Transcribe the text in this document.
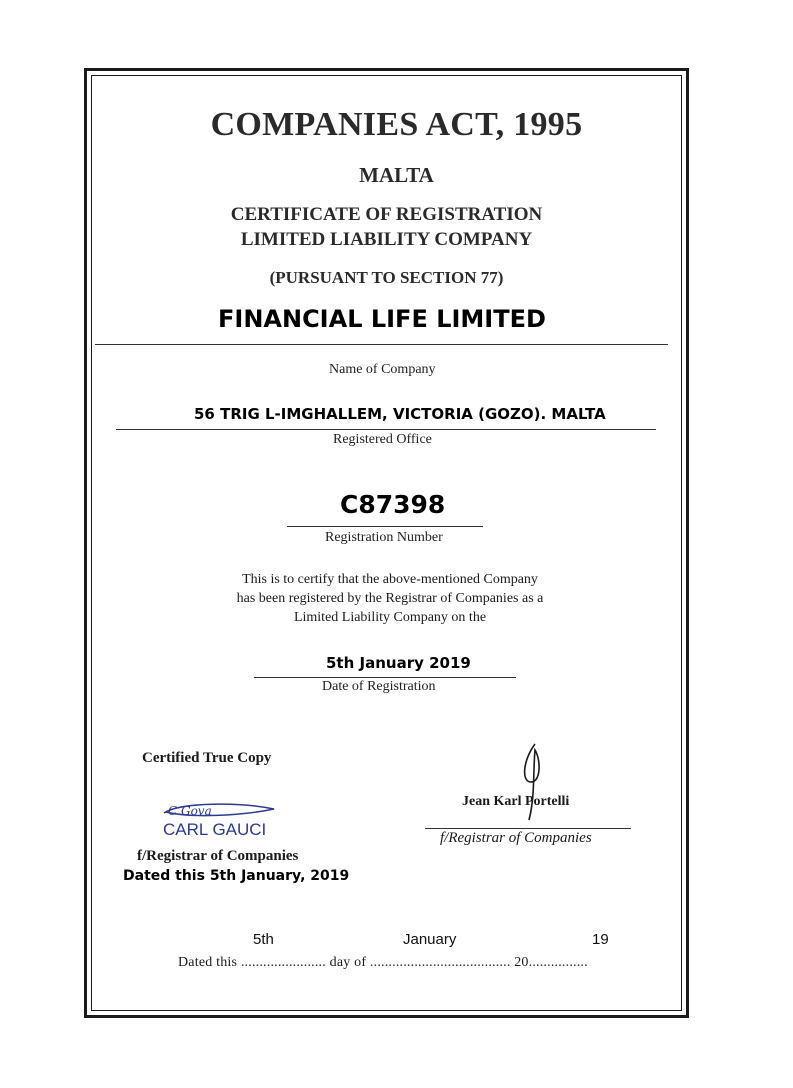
COMPANIES ACT, 1995
MALTA
CERTIFICATE OF REGISTRATION
LIMITED LIABILITY COMPANY
(PURSUANT TO SECTION 77)
FINANCIAL LIFE LIMITED
Name of Company
56 TRIG L-IMGHALLEM, VICTORIA (GOZO). MALTA
Registered Office
C87398
Registration Number
This is to certify that the above-mentioned Company
has been registered by the Registrar of Companies as a
Limited Liability Company on the
5th January 2019
Date of Registration
Certified True Copy
C Gova
CARL GAUCI
f/Registrar of Companies
Dated this 5th January, 2019
Jean Karl Portelli
f/Registrar of Companies
5th	January	19
Dated this ....................... day of ...................................... 20................
